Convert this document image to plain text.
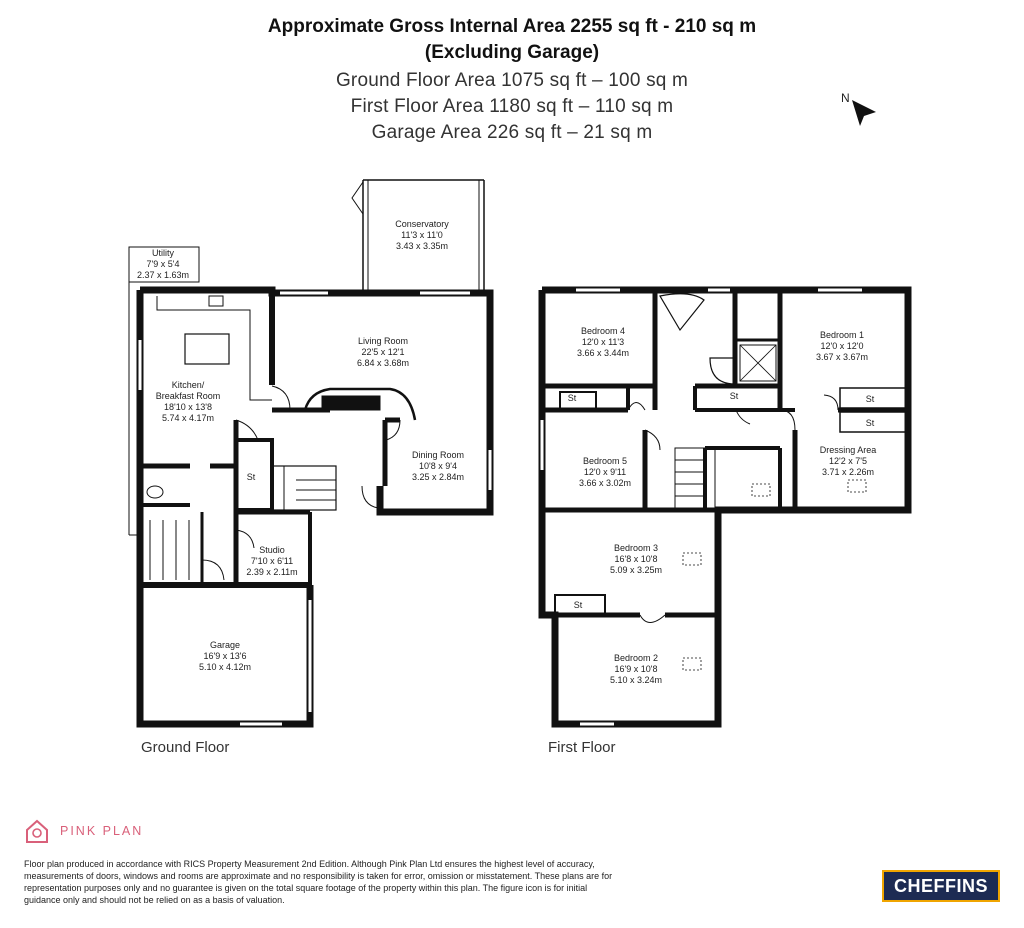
Approximate Gross Internal Area 2255 sq ft - 210 sq m
(Excluding Garage)
Ground Floor Area 1075 sq ft – 100 sq m
First Floor Area 1180 sq ft – 110 sq m
Garage Area 226 sq ft – 21 sq m
N
Utility
7'9 x 5'4
2.37 x 1.63m
Conservatory
11'3 x 11'0
3.43 x 3.35m
Kitchen/
Breakfast Room
18'10 x 13'8
5.74 x 4.17m
Living Room
22'5 x 12'1
6.84 x 3.68m
Dining Room
10'8 x 9'4
3.25 x 2.84m
Studio
7'10 x 6'11
2.39 x 2.11m
Garage
16'9 x 13'6
5.10 x 4.12m
St
Bedroom 4
12'0 x 11'3
3.66 x 3.44m
Bedroom 1
12'0 x 12'0
3.67 x 3.67m
Bedroom 5
12'0 x 9'11
3.66 x 3.02m
Dressing Area
12'2 x 7'5
3.71 x 2.26m
Bedroom 3
16'8 x 10'8
5.09 x 3.25m
Bedroom 2
16'9 x 10'8
5.10 x 3.24m
St	St	St
St
St
Ground Floor	First Floor
PINK PLAN
Floor plan produced in accordance with RICS Property Measurement 2nd Edition. Although Pink Plan Ltd ensures the highest level of accuracy, measurements of doors, windows and rooms are approximate and no responsibility is taken for error, omission or misstatement. These plans are for representation purposes only and no guarantee is given on the total square footage of the property within this plan. The figure icon is for initial guidance only and should not be relied on as a basis of valuation.
CHEFFINS
